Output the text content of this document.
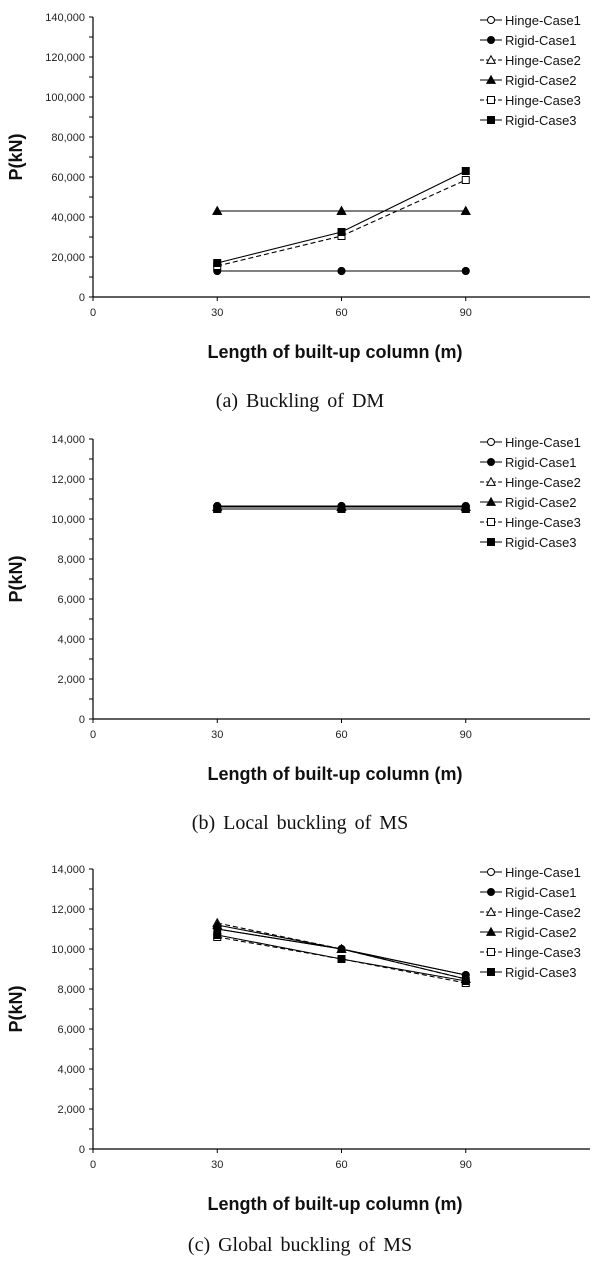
0
20,000
40,000
60,000
80,000
100,000
120,000
140,000
0	30	60	90
Length of built-up column (m)
P(kN)
Hinge-Case1
Rigid-Case1
Hinge-Case2
Rigid-Case2
Hinge-Case3
Rigid-Case3
(a) Buckling of DM
0
2,000
4,000
6,000
8,000
10,000
12,000
14,000
0	30	60	90
Length of built-up column (m)
P(kN)
Hinge-Case1
Rigid-Case1
Hinge-Case2
Rigid-Case2
Hinge-Case3
Rigid-Case3
(b) Local buckling of MS
0
2,000
4,000
6,000
8,000
10,000
12,000
14,000
0	30	60	90
Length of built-up column (m)
P(kN)
Hinge-Case1
Rigid-Case1
Hinge-Case2
Rigid-Case2
Hinge-Case3
Rigid-Case3
(c) Global buckling of MS
